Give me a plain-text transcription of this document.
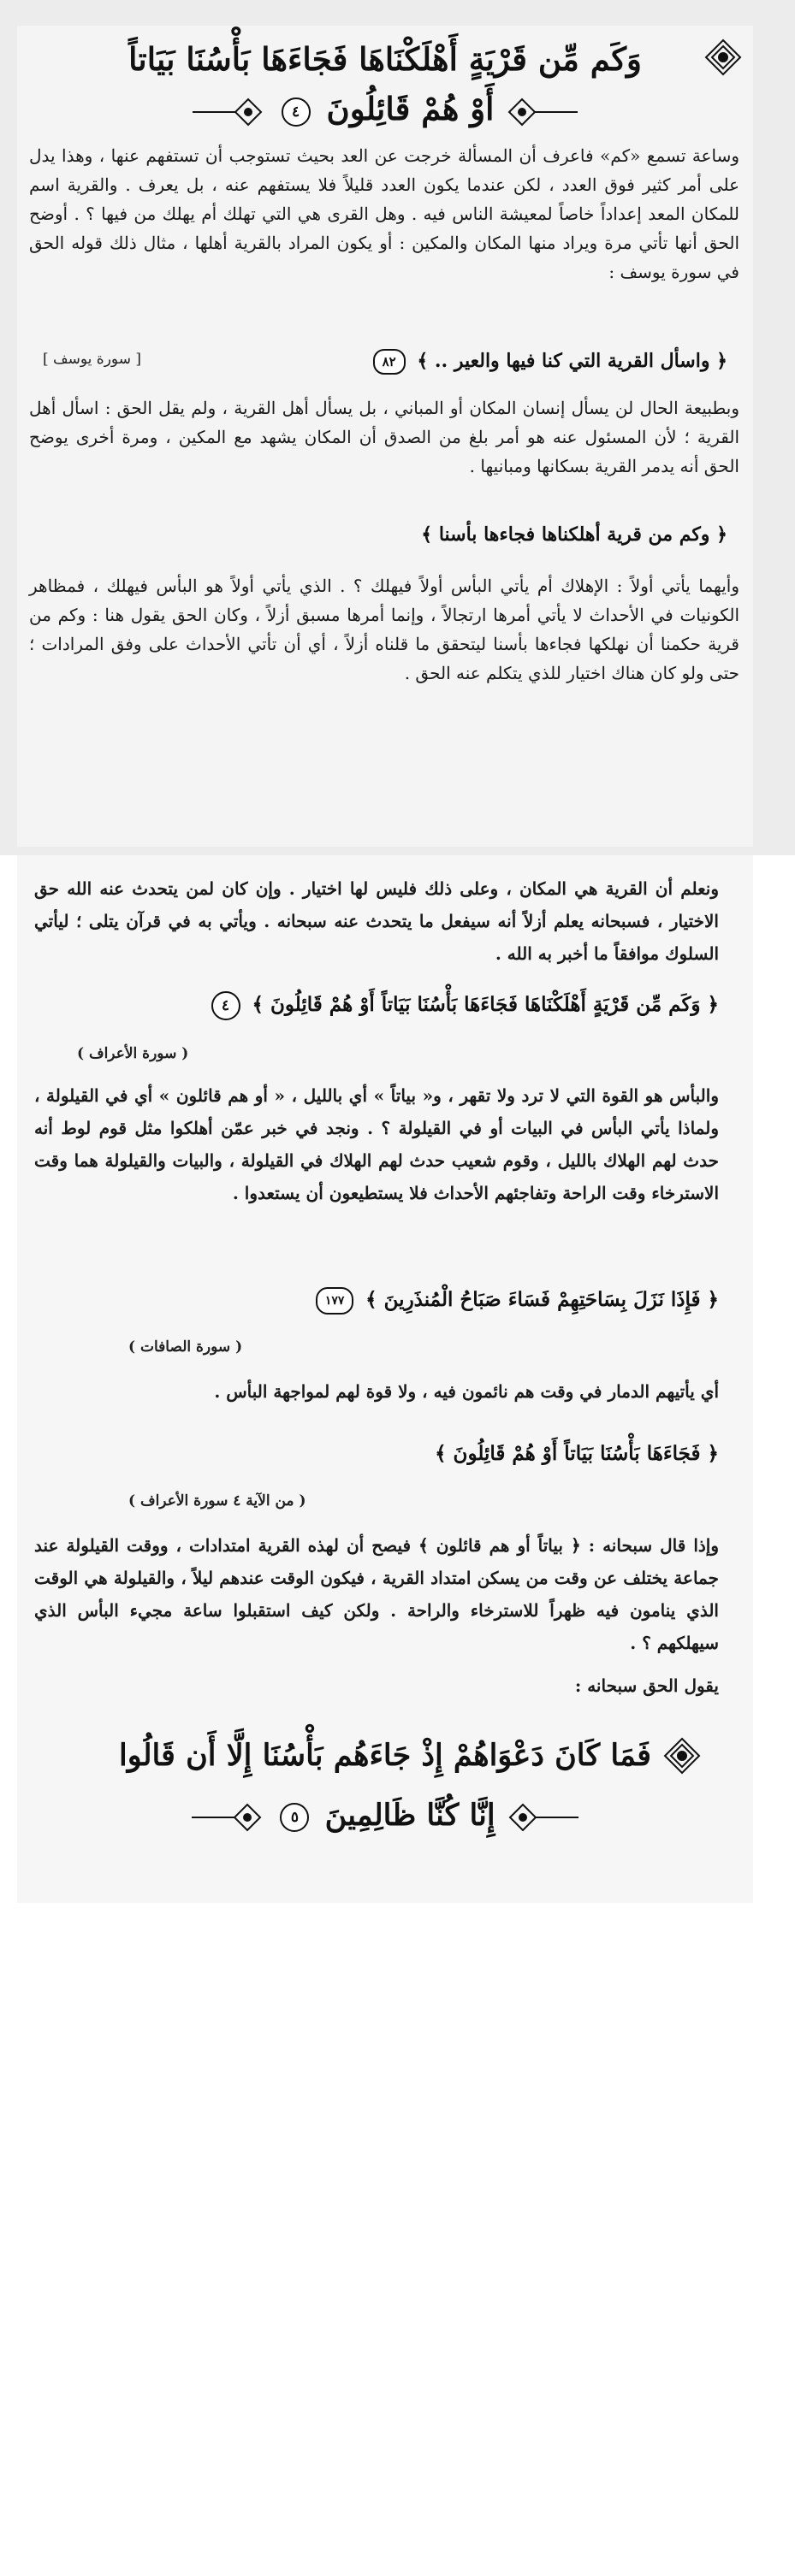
وَكَم مِّن قَرْيَةٍ أَهْلَكْنَاهَا فَجَاءَهَا بَأْسُنَا بَيَاتاً
أَوْ هُمْ قَائِلُونَ ٤
وساعة تسمع «كم» فاعرف أن المسألة خرجت عن العد بحيث تستوجب أن تستفهم عنها ، وهذا يدل على أمر كثير فوق العدد ، لكن عندما يكون العدد قليلاً فلا يستفهم عنه ، بل يعرف . والقرية اسم للمكان المعد إعداداً خاصاً لمعيشة الناس فيه . وهل القرى هي التي تهلك أم يهلك من فيها ؟ . أوضح الحق أنها تأتي مرة ويراد منها المكان والمكين : أو يكون المراد بالقرية أهلها ، مثال ذلك قوله الحق في سورة يوسف :
﴿ واسأل القرية التي كنا فيها والعير .. ﴾ ٨٢
[ سورة يوسف ]
وبطبيعة الحال لن يسأل إنسان المكان أو المباني ، بل يسأل أهل القرية ، ولم يقل الحق : اسأل أهل القرية ؛ لأن المسئول عنه هو أمر بلغ من الصدق أن المكان يشهد مع المكين ، ومرة أخرى يوضح الحق أنه يدمر القرية بسكانها ومبانيها .
﴿ وكم من قرية أهلكناها فجاءها بأسنا ﴾
وأيهما يأتي أولاً : الإهلاك أم يأتي البأس أولاً فيهلك ؟ . الذي يأتي أولاً هو البأس فيهلك ، فمظاهر الكونيات في الأحداث لا يأتي أمرها ارتجالاً ، وإنما أمرها مسبق أزلاً ، وكان الحق يقول هنا : وكم من قرية حكمنا أن نهلكها فجاءها بأسنا ليتحقق ما قلناه أزلاً ، أي أن تأتي الأحداث على وفق المرادات ؛ حتى ولو كان هناك اختيار للذي يتكلم عنه الحق .
ونعلم أن القرية هي المكان ، وعلى ذلك فليس لها اختيار . وإن كان لمن يتحدث عنه الله حق الاختيار ، فسبحانه يعلم أزلاً أنه سيفعل ما يتحدث عنه سبحانه . ويأتي به في قرآن يتلى ؛ ليأتي السلوك موافقاً ما أخبر به الله .
﴿ وَكَم مِّن قَرْيَةٍ أَهْلَكْنَاهَا فَجَاءَهَا بَأْسُنَا بَيَاتاً أَوْ هُمْ قَائِلُونَ ﴾ ٤
( سورة الأعراف )
والبأس هو القوة التي لا ترد ولا تقهر ، و« بياتاً » أي بالليل ، « أو هم قائلون » أي في القيلولة ، ولماذا يأتي البأس في البيات أو في القيلولة ؟ . ونجد في خبر عمّن أهلكوا مثل قوم لوط أنه حدث لهم الهلاك بالليل ، وقوم شعيب حدث لهم الهلاك في القيلولة ، والبيات والقيلولة هما وقت الاسترخاء وقت الراحة وتفاجئهم الأحداث فلا يستطيعون أن يستعدوا .
﴿ فَإِذَا نَزَلَ بِسَاحَتِهِمْ فَسَاءَ صَبَاحُ الْمُنذَرِينَ ﴾ ١٧٧
( سورة الصافات )
أي يأتيهم الدمار في وقت هم نائمون فيه ، ولا قوة لهم لمواجهة البأس .
﴿ فَجَاءَهَا بَأْسُنَا بَيَاتاً أَوْ هُمْ قَائِلُونَ ﴾
( من الآية ٤ سورة الأعراف )
وإذا قال سبحانه : ﴿ بياتاً أو هم قائلون ﴾ فيصح أن لهذه القرية امتدادات ، ووقت القيلولة عند جماعة يختلف عن وقت من يسكن امتداد القرية ، فيكون الوقت عندهم ليلاً ، والقيلولة هي الوقت الذي ينامون فيه ظهراً للاسترخاء والراحة . ولكن كيف استقبلوا ساعة مجيء البأس الذي سيهلكهم ؟ .
يقول الحق سبحانه :
فَمَا كَانَ دَعْوَاهُمْ إِذْ جَاءَهُم بَأْسُنَا إِلَّا أَن قَالُوا
إِنَّا كُنَّا ظَالِمِينَ ٥
